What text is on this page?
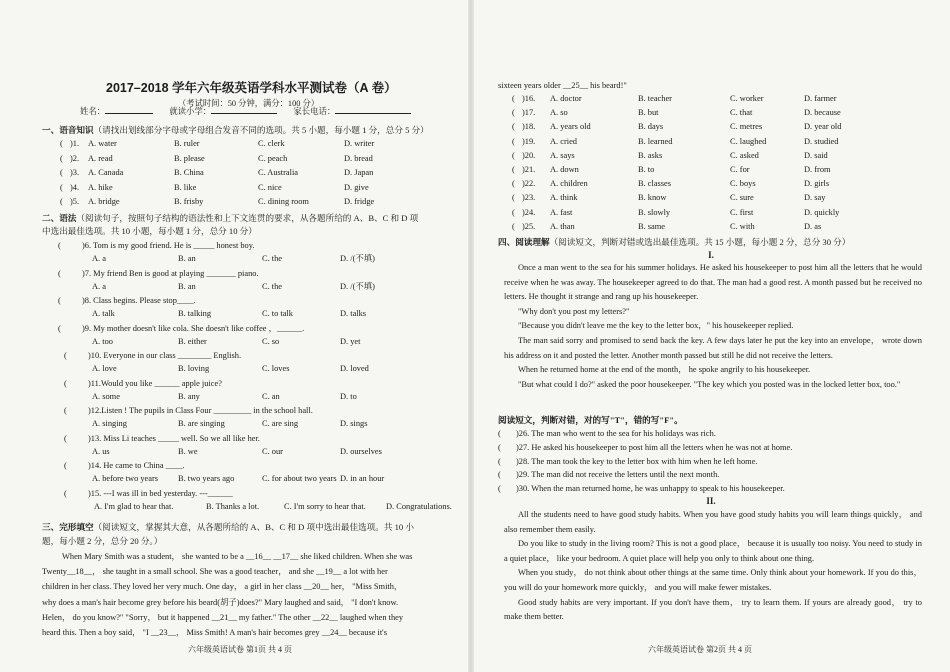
2017–2018 学年六年级英语学科水平测试卷（A 卷）
（考试时间：50 分钟，满分：100 分）
姓名：	就读小学：	家长电话：
一、语音知识（请找出划线部分字母或字母组合发音不同的选项。共 5 小题，每小题 1 分，总分 5 分）
( )1. A. water	B. ruler	C. clerk	D. writer
( )2. A. read	B. please	C. peach	D. bread
( )3. A. Canada	B. China	C. Australia	D. Japan
( )4. A. hike	B. like	C. nice	D. give
( )5. A. bridge	B. frisby	C. dining room	D. fridge
二、语法（阅读句子，按照句子结构的语法性和上下文连贯的要求，从各题所给的 A、B、C 和 D 项
中选出最佳选项。共 10 小题，每小题 1 分，总分 10 分）
(	)6. Tom is my good friend. He is _____ honest boy.
A. a	B. an	C. the	D. /(不填)
(	)7. My friend Ben is good at playing _______ piano.
A. a	B. an	C. the	D. /(不填)
(	)8. Class begins. Please stop____.
A. talk	B. talking	C. to talk	D. talks
(	)9. My mother doesn't like cola. She doesn't like coffee ，______.
A. too	B. either	C. so	D. yet
(	)10. Everyone in our class ________ English.
A. love	B. loving	C. loves	D. loved
(	)11.Would you like ______ apple juice?
A. some	B. any	C. an	D. to
(	)12.Listen ! The pupils in Class Four _________ in the school hall.
A. singing	B. are singing	C. are sing	D. sings
(	)13. Miss Li teaches _____ well. So we all like her.
A. us	B. we	C. our	D. ourselves
(	)14. He came to China ____.
A. before two years B. two years ago	C. for about two years D. in an hour
(	)15. ---I was ill in bed yesterday. ---______
A. I'm glad to hear that.	B. Thanks a lot.	C. I'm sorry to hear that. D. Congratulations.
三、完形填空（阅读短文，掌握其大意，从各题所给的 A、B、C 和 D 项中选出最佳选项。共 10 小
题，每小题 2 分，总分 20 分。）
When Mary Smith was a student， she wanted to be a __16__ __17__ she liked children. When she was
Twenty__18__， she taught in a small school. She was a good teacher， and she __19__ a lot with her
children in her class. They loved her very much. One day， a girl in her class __20__ her， "Miss Smith，
why does a man's hair become grey before his beard(胡子)does?" Mary laughed and said， "I don't know.
Helen， do you know?" "Sorry， but it happened __21__ my father." The other __22__ laughed when they
heard this. Then a boy said， "I __23__， Miss Smith! A man's hair becomes grey __24__ because it's
六年级英语试卷 第1页 共 4 页
sixteen years older __25__ his beard!"
( )16. A. doctor	B. teacher	C. worker	D. farmer
( )17. A. so	B. but	C. that	D. because
( )18. A. years old	B. days	C. metres	D. year old
( )19. A. cried	B. learned	C. laughed	D. studied
( )20. A. says	B. asks	C. asked	D. said
( )21. A. down	B. to	C. for	D. from
( )22. A. children	B. classes	C. boys	D. girls
( )23. A. think	B. know	C. sure	D. say
( )24. A. fast	B. slowly	C. first	D. quickly
( )25. A. than	B. same	C. with	D. as
四、阅读理解（阅读短文，判断对错或选出最佳选项。共 15 小题，每小题 2 分，总分 30 分）
I.
Once a man went to the sea for his summer holidays. He asked his housekeeper to post him all the letters that he would receive when he was away. The housekeeper agreed to do that. The man had a good rest. A month passed but he received no letters. He thought it strange and rang up his housekeeper.
"Why don't you post my letters?"
"Because you didn't leave me the key to the letter box，" his housekeeper replied.
The man said sorry and promised to send back the key. A few days later he put the key into an envelope， wrote down his address on it and posted the letter. Another month passed but still he did not receive the letters.
When he returned home at the end of the month， he spoke angrily to his housekeeper.
"But what could I do?" asked the poor housekeeper. "The key which you posted was in the locked letter box, too."
阅读短文，判断对错，对的写"T"，错的写"F"。
( )26. The man who went to the sea for his holidays was rich.
( )27. He asked his housekeeper to post him all the letters when he was not at home.
( )28. The man took the key to the letter box with him when he left home.
( )29. The man did not receive the letters until the next month.
( )30. When the man returned home, he was unhappy to speak to his housekeeper.
II.
All the students need to have good study habits. When you have good study habits you will learn things quickly， and also remember them easily.
Do you like to study in the living room? This is not a good place， because it is usually too noisy. You need to study in a quiet place， like your bedroom. A quiet place will help you only to think about one thing.
When you study， do not think about other things at the same time. Only think about your homework. If you do this， you will do your homework more quickly， and you will make fewer mistakes.
Good study habits are very important. If you don't have them， try to learn them. If yours are already good， try to make them better.
六年级英语试卷 第2页 共 4 页
